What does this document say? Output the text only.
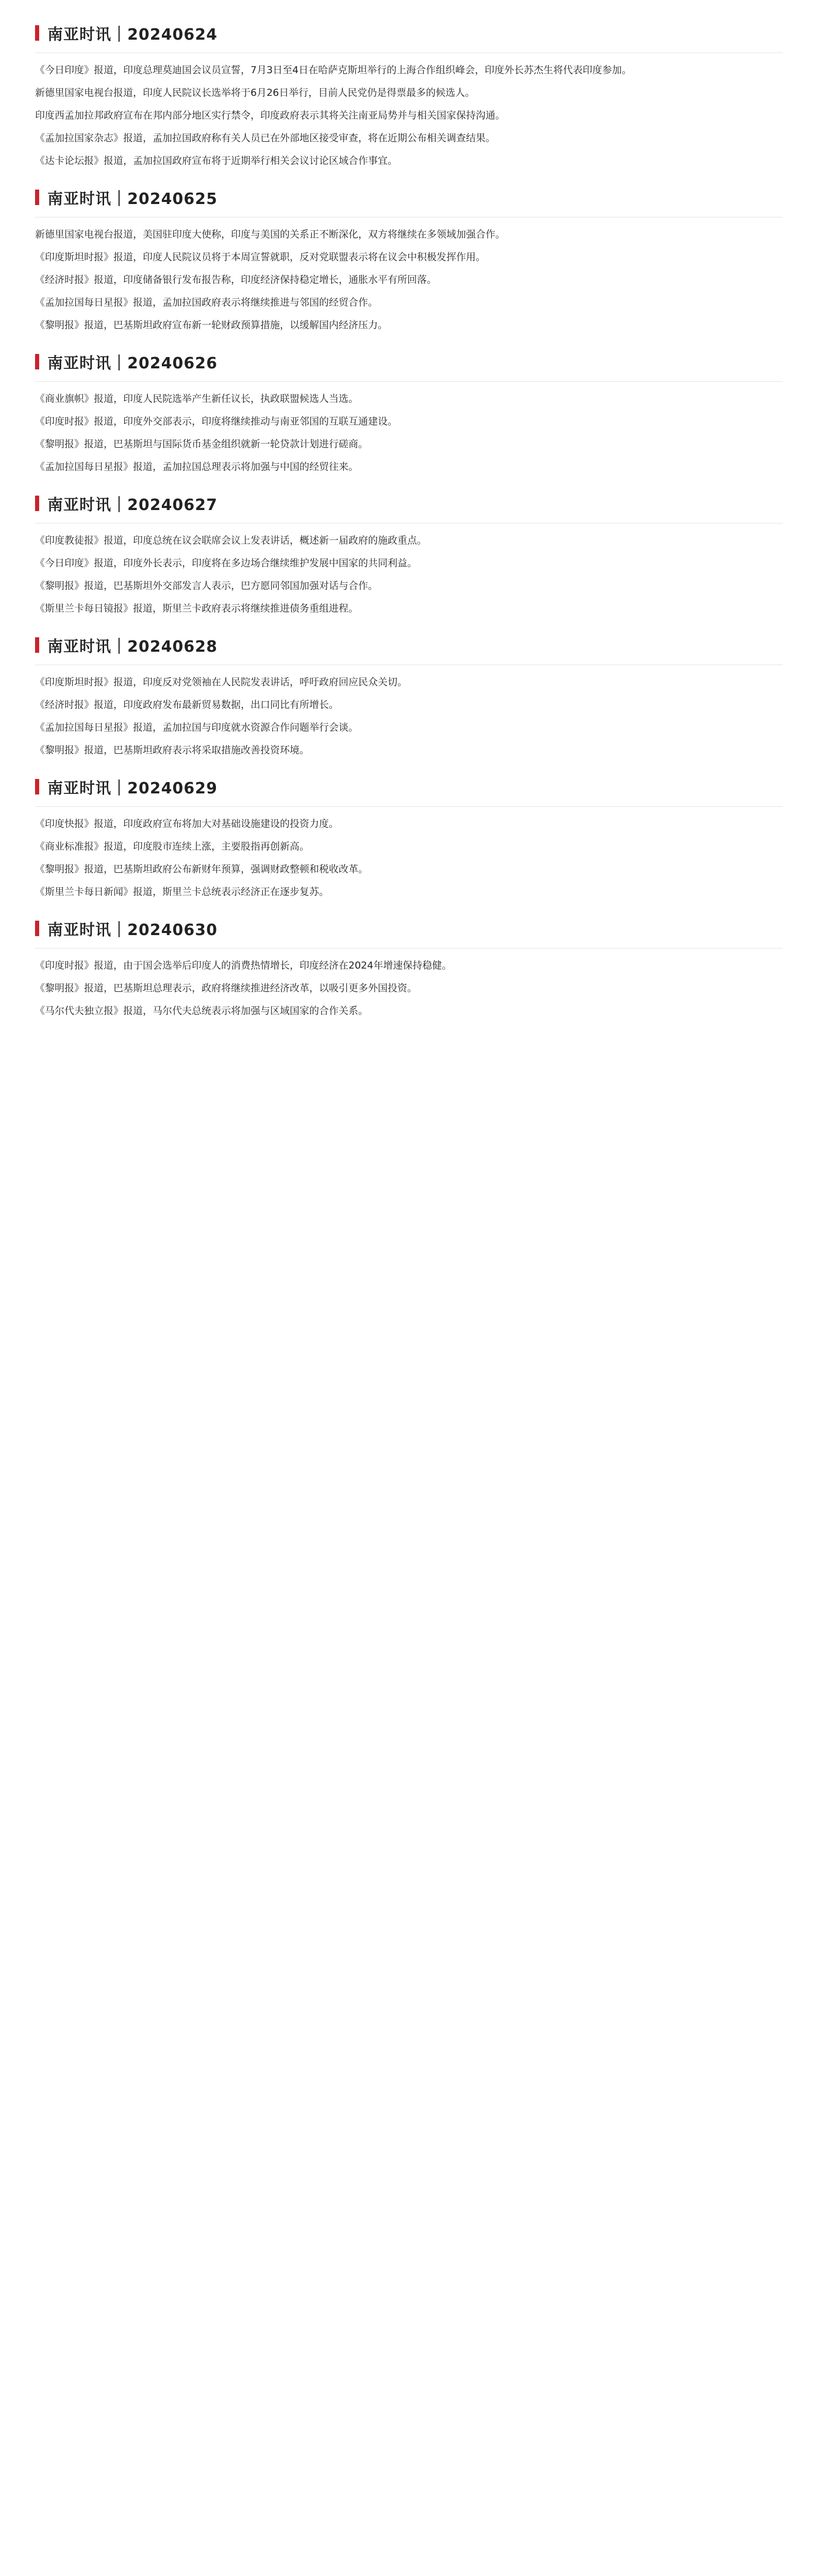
南亚时讯｜20240624

《今日印度》报道，印度总理莫迪国会议员宣誓，7月3日至4日在哈萨克斯坦举行的上海合作组织峰会，印度外长苏杰生将代表印度参加。

新德里国家电视台报道，印度人民院议长选举将于6月26日举行，目前人民党仍是得票最多的候选人。

印度西孟加拉邦政府宣布在邦内部分地区实行禁令，印度政府表示其将关注南亚局势并与相关国家保持沟通。

《孟加拉国家杂志》报道，孟加拉国政府称有关人员已在外部地区接受审查，将在近期公布相关调查结果。

《达卡论坛报》报道，孟加拉国政府宣布将于近期举行相关会议讨论区域合作事宜。

南亚时讯｜20240625

新德里国家电视台报道，美国驻印度大使称，印度与美国的关系正不断深化，双方将继续在多领域加强合作。

《印度斯坦时报》报道，印度人民院议员将于本周宣誓就职，反对党联盟表示将在议会中积极发挥作用。

《经济时报》报道，印度储备银行发布报告称，印度经济保持稳定增长，通胀水平有所回落。

《孟加拉国每日星报》报道，孟加拉国政府表示将继续推进与邻国的经贸合作。

《黎明报》报道，巴基斯坦政府宣布新一轮财政预算措施，以缓解国内经济压力。

南亚时讯｜20240626

《商业旗帜》报道，印度人民院选举产生新任议长，执政联盟候选人当选。

《印度时报》报道，印度外交部表示，印度将继续推动与南亚邻国的互联互通建设。

《黎明报》报道，巴基斯坦与国际货币基金组织就新一轮贷款计划进行磋商。

《孟加拉国每日星报》报道，孟加拉国总理表示将加强与中国的经贸往来。

南亚时讯｜20240627

《印度教徒报》报道，印度总统在议会联席会议上发表讲话，概述新一届政府的施政重点。

《今日印度》报道，印度外长表示，印度将在多边场合继续维护发展中国家的共同利益。

《黎明报》报道，巴基斯坦外交部发言人表示，巴方愿同邻国加强对话与合作。

《斯里兰卡每日镜报》报道，斯里兰卡政府表示将继续推进债务重组进程。

南亚时讯｜20240628

《印度斯坦时报》报道，印度反对党领袖在人民院发表讲话，呼吁政府回应民众关切。

《经济时报》报道，印度政府发布最新贸易数据，出口同比有所增长。

《孟加拉国每日星报》报道，孟加拉国与印度就水资源合作问题举行会谈。

《黎明报》报道，巴基斯坦政府表示将采取措施改善投资环境。

南亚时讯｜20240629

《印度快报》报道，印度政府宣布将加大对基础设施建设的投资力度。

《商业标准报》报道，印度股市连续上涨，主要股指再创新高。

《黎明报》报道，巴基斯坦政府公布新财年预算，强调财政整顿和税收改革。

《斯里兰卡每日新闻》报道，斯里兰卡总统表示经济正在逐步复苏。

南亚时讯｜20240630

《印度时报》报道，由于国会选举后印度人的消费热情增长，印度经济在2024年增速保持稳健。

《黎明报》报道，巴基斯坦总理表示，政府将继续推进经济改革，以吸引更多外国投资。

《马尔代夫独立报》报道，马尔代夫总统表示将加强与区域国家的合作关系。
